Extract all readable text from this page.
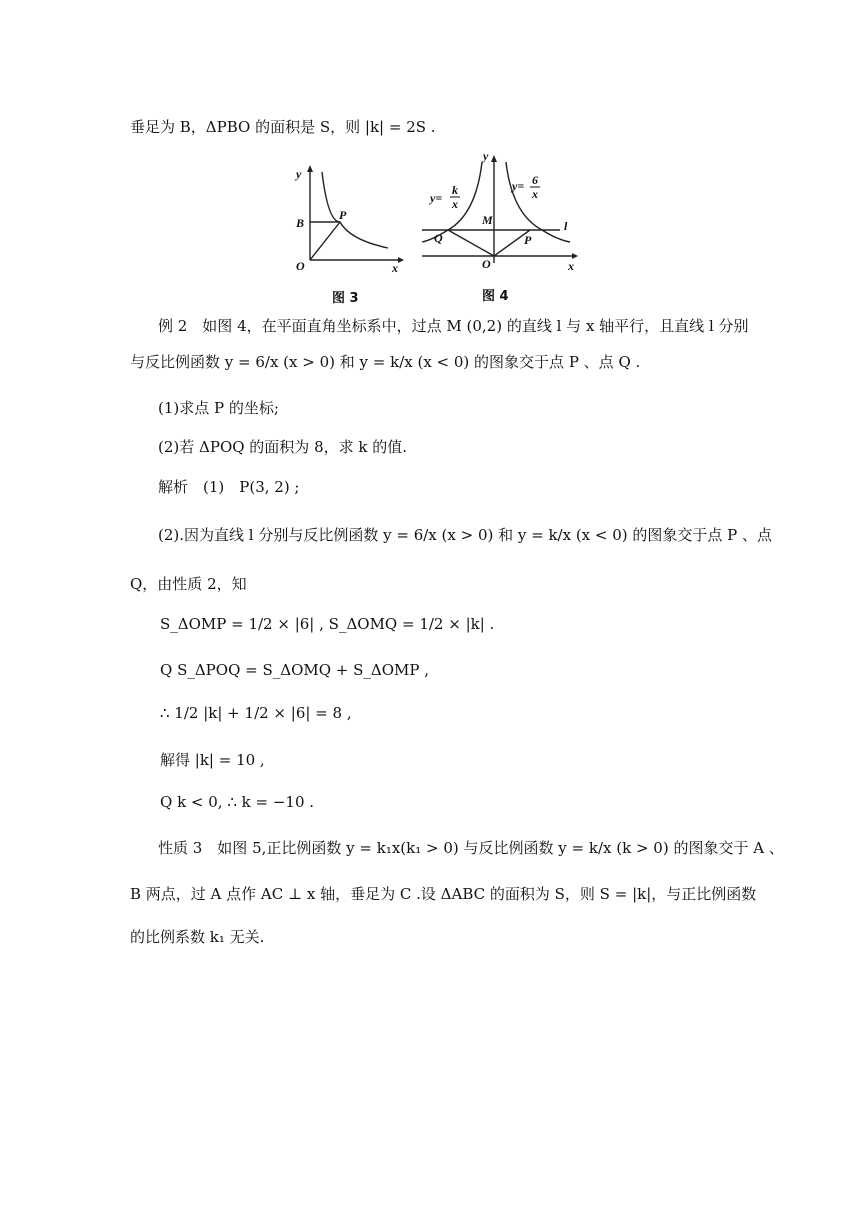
垂足为 B，ΔPBO 的面积是 S，则 |k| = 2S .
y
x
O
B
P
图 3
y
x
O
M
Q	P
l
y=
k
x
y= 6
x
图 4
例 2　如图 4，在平面直角坐标系中，过点 M (0,2) 的直线 l 与 x 轴平行，且直线 l 分别
与反比例函数 y = 6/x (x > 0) 和 y = k/x (x < 0) 的图象交于点 P 、点 Q .
(1)求点 P 的坐标;
(2)若 ΔPOQ 的面积为 8，求 k 的值.
解析　(1)　P(3, 2) ;
(2).因为直线 l 分别与反比例函数 y = 6/x (x > 0) 和 y = k/x (x < 0) 的图象交于点 P 、点
Q，由性质 2，知
S_ΔOMP = 1/2 × |6| , S_ΔOMQ = 1/2 × |k| .
Q S_ΔPOQ = S_ΔOMQ + S_ΔOMP ,
∴ 1/2 |k| + 1/2 × |6| = 8 ,
解得 |k| = 10 ,
Q k < 0, ∴ k = −10 .
性质 3　如图 5,正比例函数 y = k₁x(k₁ > 0) 与反比例函数 y = k/x (k > 0) 的图象交于 A 、
B 两点，过 A 点作 AC ⊥ x 轴，垂足为 C .设 ΔABC 的面积为 S，则 S = |k|，与正比例函数
的比例系数 k₁ 无关.
